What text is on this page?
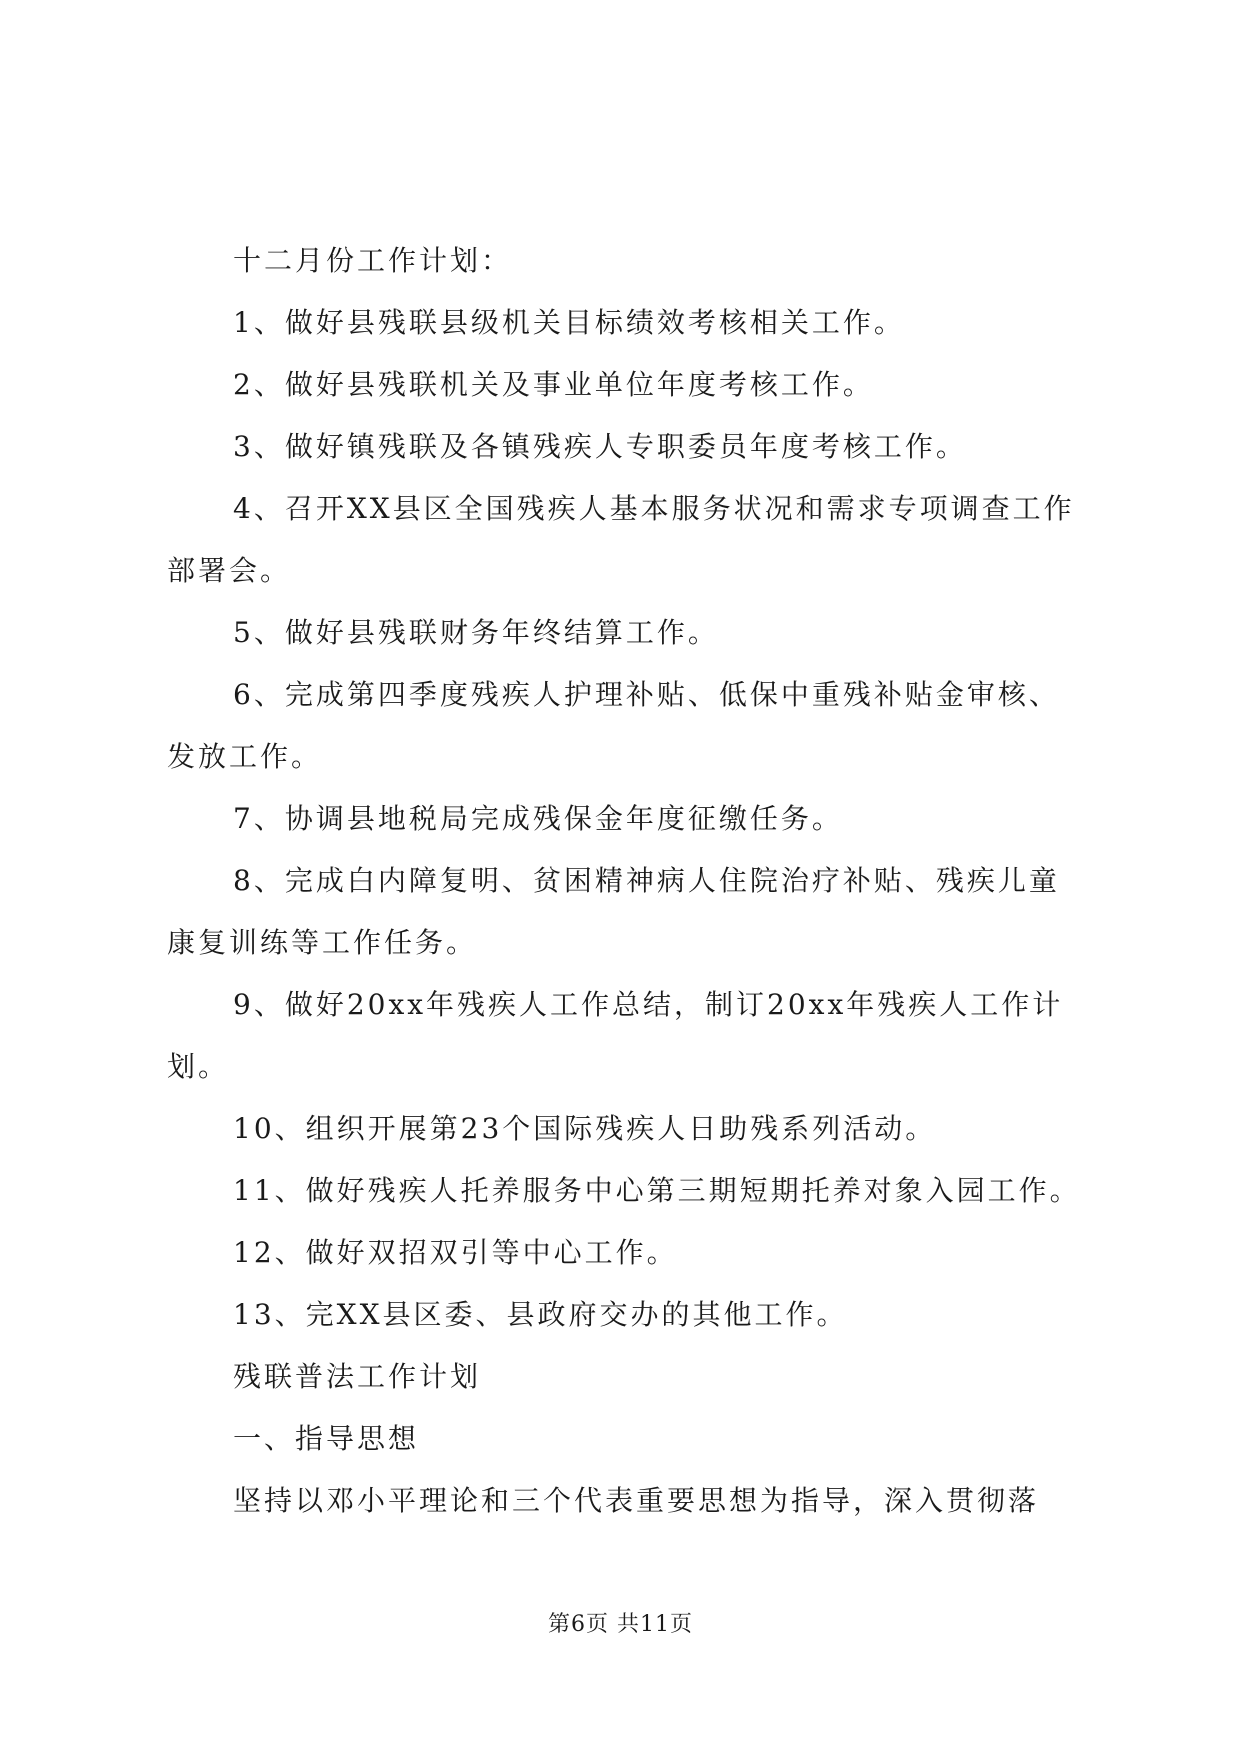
十二月份工作计划：

1、做好县残联县级机关目标绩效考核相关工作。

2、做好县残联机关及事业单位年度考核工作。

3、做好镇残联及各镇残疾人专职委员年度考核工作。

4、召开XX县区全国残疾人基本服务状况和需求专项调查工作部署会。

5、做好县残联财务年终结算工作。

6、完成第四季度残疾人护理补贴、低保中重残补贴金审核、发放工作。

7、协调县地税局完成残保金年度征缴任务。

8、完成白内障复明、贫困精神病人住院治疗补贴、残疾儿童康复训练等工作任务。

9、做好20xx年残疾人工作总结，制订20xx年残疾人工作计划。

10、组织开展第23个国际残疾人日助残系列活动。

11、做好残疾人托养服务中心第三期短期托养对象入园工作。

12、做好双招双引等中心工作。

13、完XX县区委、县政府交办的其他工作。

残联普法工作计划

一、指导思想

坚持以邓小平理论和三个代表重要思想为指导，深入贯彻落

第6页 共11页
